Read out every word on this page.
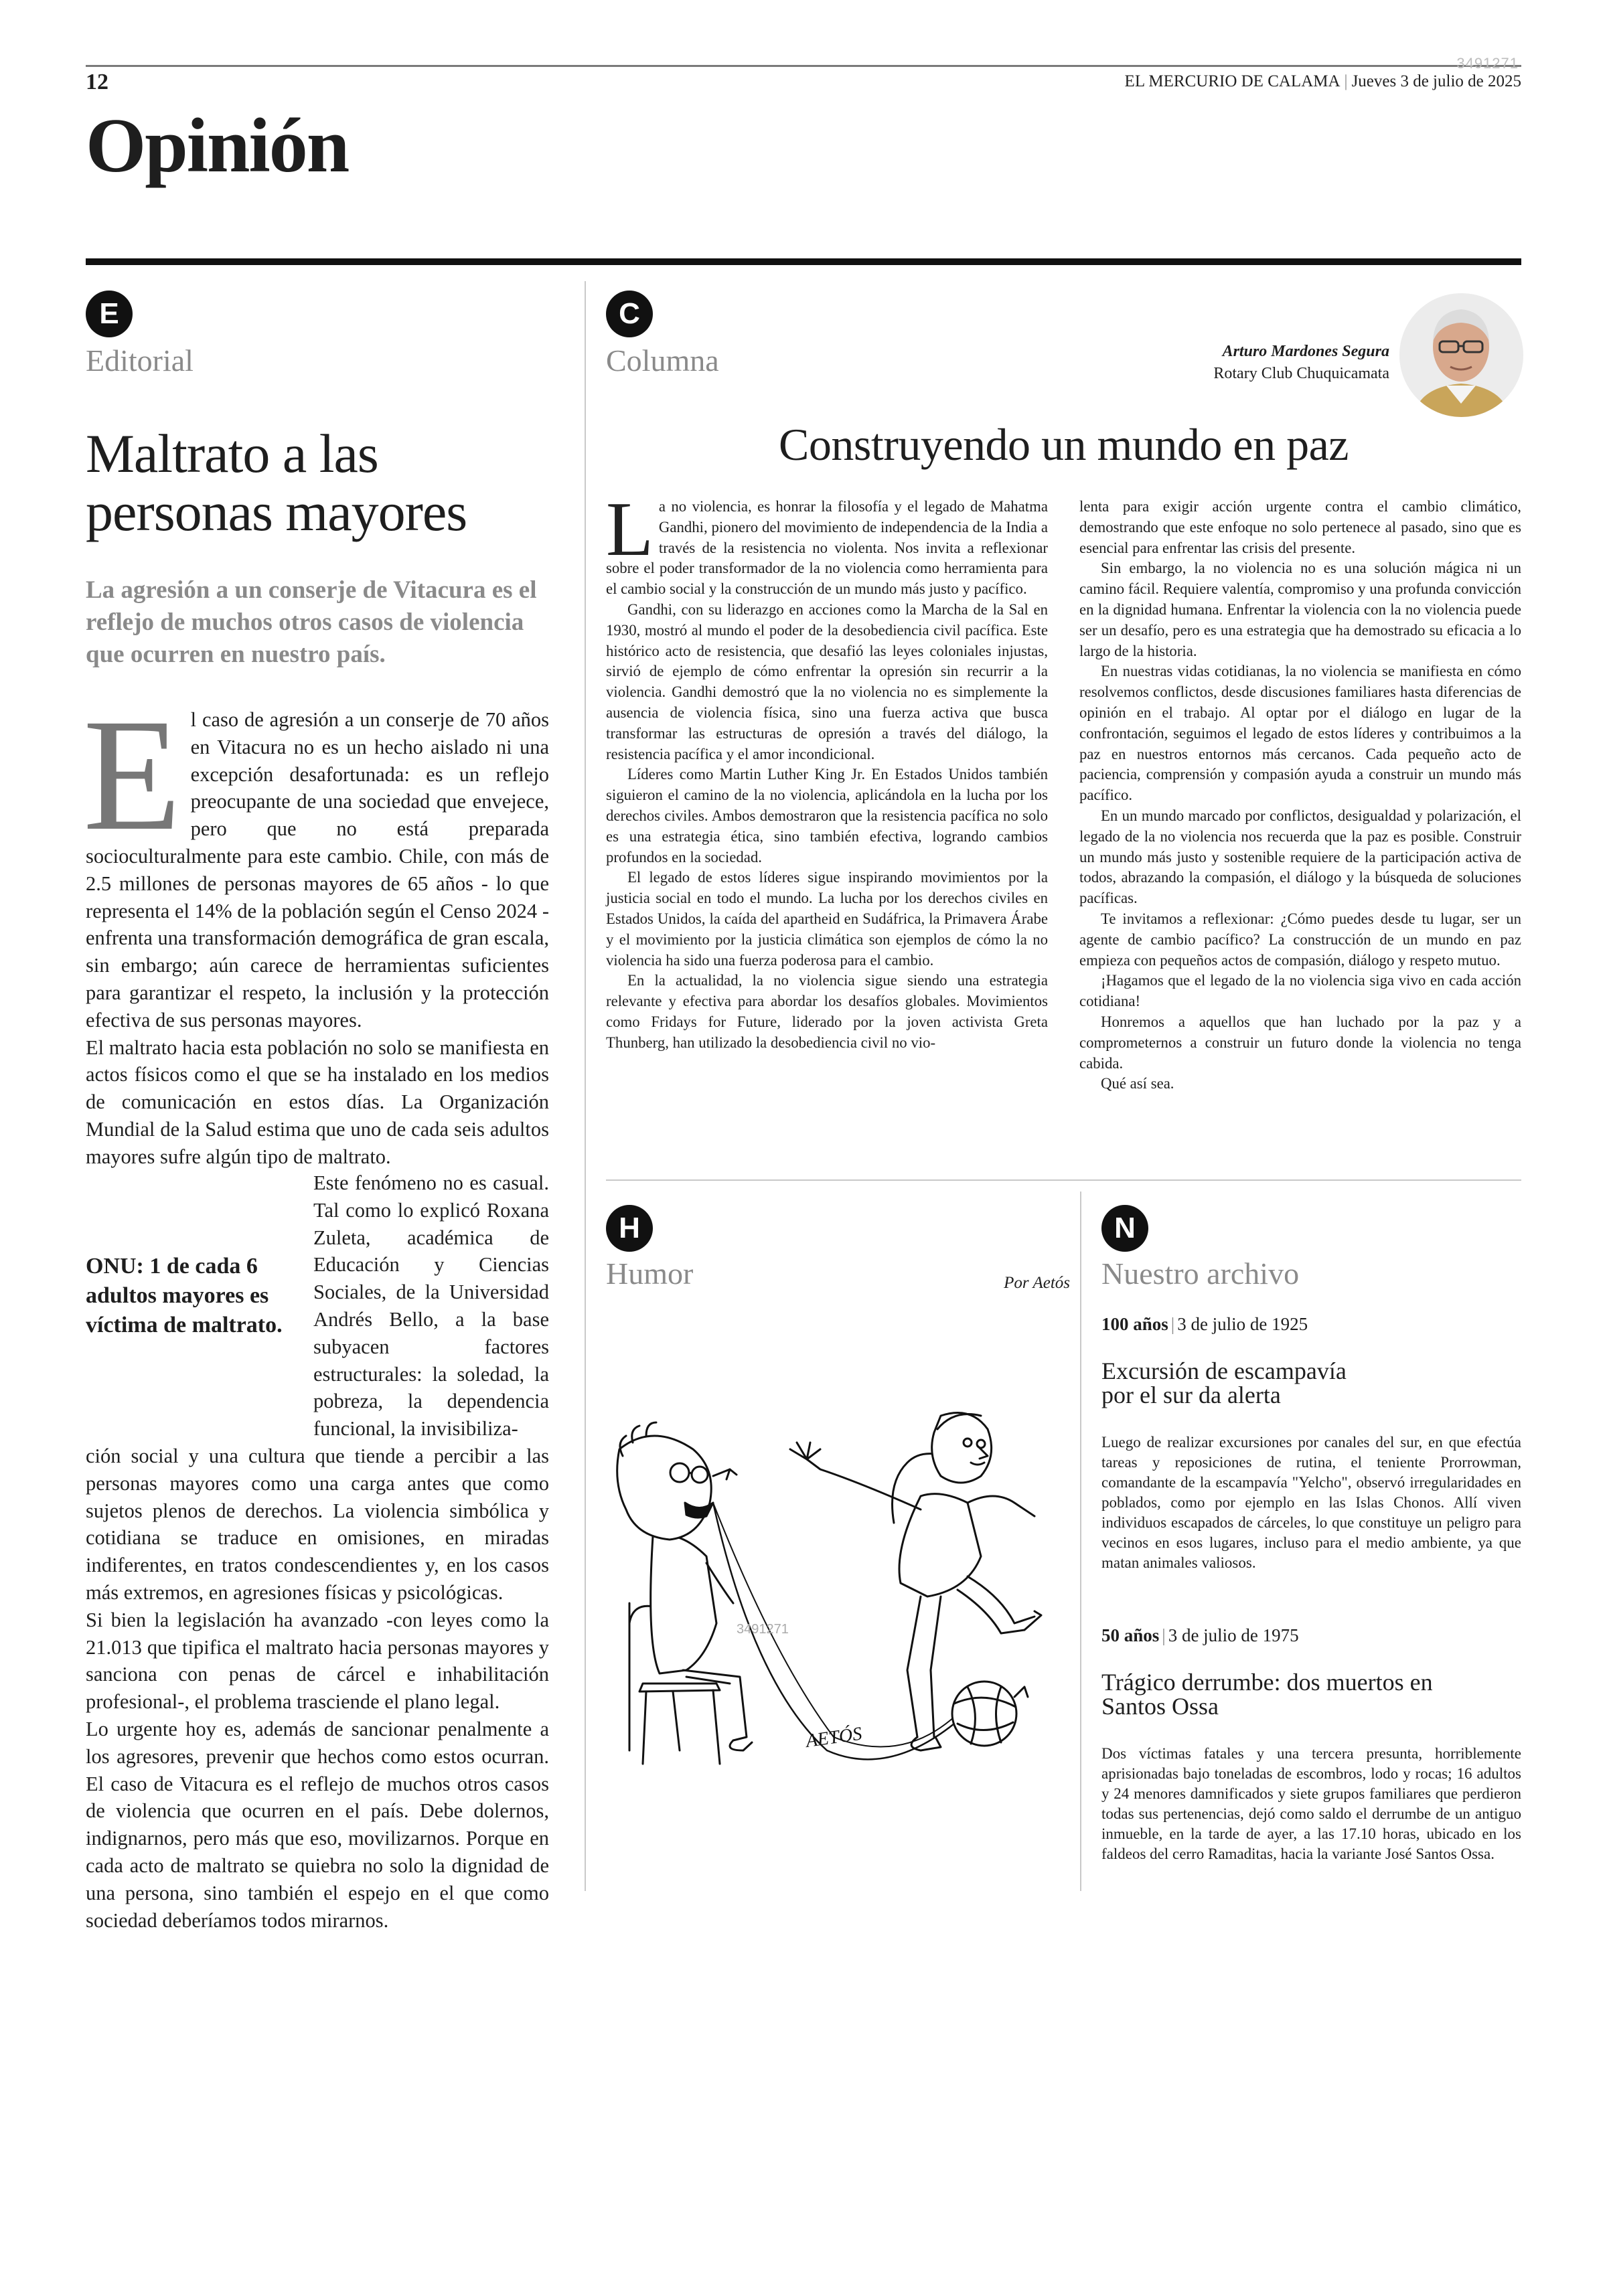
3491271
12	EL MERCURIO DE CALAMA | Jueves 3 de julio de 2025
Opinión
E
Editorial
Maltrato a las personas mayores
La agresión a un conserje de Vitacura es el reflejo de muchos otros casos de violencia que ocurren en nuestro país.
E l caso de agresión a un conserje de 70 años en Vitacura no es un hecho aislado ni una excepción desafortunada: es un reflejo preocupante de una sociedad que envejece, pero que no está preparada socioculturalmente para este cambio. Chile, con más de 2.5 millones de personas mayores de 65 años - lo que representa el 14% de la población según el Censo 2024 - enfrenta una transformación demográfica de gran escala, sin embargo; aún carece de herramientas suficientes para garantizar el respeto, la inclusión y la protección efectiva de sus personas mayores.

El maltrato hacia esta población no solo se manifiesta en actos físicos como el que se ha instalado en los medios de comunicación en estos días. La Organización Mundial de la Salud estima que uno de cada seis adultos mayores sufre algún tipo de maltrato.

Este fenómeno no es casual. Tal como lo explicó Roxana Zuleta, académica de Educación y Ciencias Sociales, de la Universidad Andrés Bello, a la base subyacen factores estructurales: la soledad, la pobreza, la dependencia funcional, la invisibiliza-

ción social y una cultura que tiende a percibir a las personas mayores como una carga antes que como sujetos plenos de derechos. La violencia simbólica y cotidiana se traduce en omisiones, en miradas indiferentes, en tratos condescendientes y, en los casos más extremos, en agresiones físicas y psicológicas.

Si bien la legislación ha avanzado -con leyes como la 21.013 que tipifica el maltrato hacia personas mayores y sanciona con penas de cárcel e inhabilitación profesional-, el problema trasciende el plano legal.

Lo urgente hoy es, además de sancionar penalmente a los agresores, prevenir que hechos como estos ocurran. El caso de Vitacura es el reflejo de muchos otros casos de violencia que ocurren en el país. Debe dolernos, indignarnos, pero más que eso, movilizarnos. Porque en cada acto de maltrato se quiebra no solo la dignidad de una persona, sino también el espejo en el que como sociedad deberíamos todos mirarnos.

ONU: 1 de cada 6 adultos mayores es víctima de maltrato.
C
Columna	Arturo Mardones Segura
Rotary Club Chuquicamata
Construyendo un mundo en paz
L a no violencia, es honrar la filosofía y el legado de Mahatma Gandhi, pionero del movimiento de independencia de la India a través de la resistencia no violenta. Nos invita a reflexionar sobre el poder transformador de la no violencia como herramienta para el cambio social y la construcción de un mundo más justo y pacífico.

Gandhi, con su liderazgo en acciones como la Marcha de la Sal en 1930, mostró al mundo el poder de la desobediencia civil pacífica. Este histórico acto de resistencia, que desafió las leyes coloniales injustas, sirvió de ejemplo de cómo enfrentar la opresión sin recurrir a la violencia. Gandhi demostró que la no violencia no es simplemente la ausencia de violencia física, sino una fuerza activa que busca transformar las estructuras de opresión a través del diálogo, la resistencia pacífica y el amor incondicional.

Líderes como Martin Luther King Jr. En Estados Unidos también siguieron el camino de la no violencia, aplicándola en la lucha por los derechos civiles. Ambos demostraron que la resistencia pacífica no solo es una estrategia ética, sino también efectiva, logrando cambios profundos en la sociedad.

El legado de estos líderes sigue inspirando movimientos por la justicia social en todo el mundo. La lucha por los derechos civiles en Estados Unidos, la caída del apartheid en Sudáfrica, la Primavera Árabe y el movimiento por la justicia climática son ejemplos de cómo la no violencia ha sido una fuerza poderosa para el cambio.

En la actualidad, la no violencia sigue siendo una estrategia relevante y efectiva para abordar los desafíos globales. Movimientos como Fridays for Future, liderado por la joven activista Greta Thunberg, han utilizado la desobediencia civil no vio-

lenta para exigir acción urgente contra el cambio climático, demostrando que este enfoque no solo pertenece al pasado, sino que es esencial para enfrentar las crisis del presente.

Sin embargo, la no violencia no es una solución mágica ni un camino fácil. Requiere valentía, compromiso y una profunda convicción en la dignidad humana. Enfrentar la violencia con la no violencia puede ser un desafío, pero es una estrategia que ha demostrado su eficacia a lo largo de la historia.

En nuestras vidas cotidianas, la no violencia se manifiesta en cómo resolvemos conflictos, desde discusiones familiares hasta diferencias de opinión en el trabajo. Al optar por el diálogo en lugar de la confrontación, seguimos el legado de estos líderes y contribuimos a la paz en nuestros entornos más cercanos. Cada pequeño acto de paciencia, comprensión y compasión ayuda a construir un mundo más pacífico.

En un mundo marcado por conflictos, desigualdad y polarización, el legado de la no violencia nos recuerda que la paz es posible. Construir un mundo más justo y sostenible requiere de la participación activa de todos, abrazando la compasión, el diálogo y la búsqueda de soluciones pacíficas.

Te invitamos a reflexionar: ¿Cómo puedes desde tu lugar, ser un agente de cambio pacífico? La construcción de un mundo en paz empieza con pequeños actos de compasión, diálogo y respeto mutuo.

¡Hagamos que el legado de la no violencia siga vivo en cada acción cotidiana!

Honremos a aquellos que han luchado por la paz y a comprometernos a construir un futuro donde la violencia no tenga cabida.

Qué así sea.

H
Humor	Por Aetós
AETÓS
3491271
N
Nuestro archivo
100 años | 3 de julio de 1925
Excursión de escampavía por el sur da alerta

Luego de realizar excursiones por canales del sur, en que efectúa tareas y reposiciones de rutina, el teniente Prorrowman, comandante de la escampavía "Yelcho", observó irregularidades en poblados, como por ejemplo en las Islas Chonos. Allí viven individuos escapados de cárceles, lo que constituye un peligro para vecinos en esos lugares, incluso para el medio ambiente, ya que matan animales valiosos.

50 años | 3 de julio de 1975
Trágico derrumbe: dos muertos en Santos Ossa

Dos víctimas fatales y una tercera presunta, horriblemente aprisionadas bajo toneladas de escombros, lodo y rocas; 16 adultos y 24 menores damnificados y siete grupos familiares que perdieron todas sus pertenencias, dejó como saldo el derrumbe de un antiguo inmueble, en la tarde de ayer, a las 17.10 horas, ubicado en los faldeos del cerro Ramaditas, hacia la variante José Santos Ossa.
